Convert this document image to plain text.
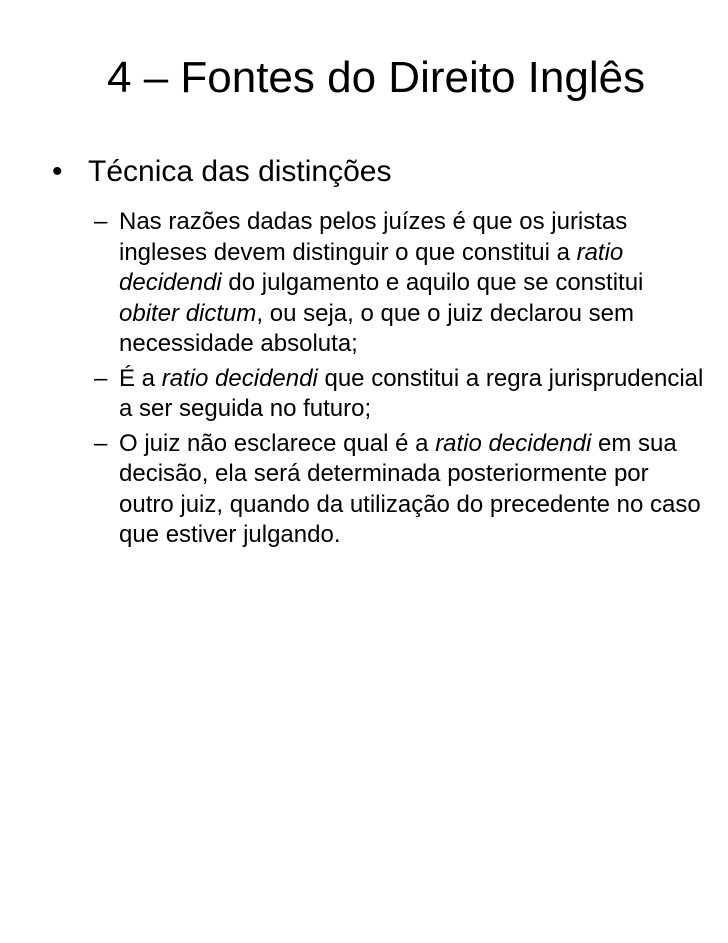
4 – Fontes do Direito Inglês
• Técnica das distinções
– Nas razões dadas pelos juízes é que os juristas
ingleses devem distinguir o que constitui a ratio
decidendi do julgamento e aquilo que se constitui
obiter dictum, ou seja, o que o juiz declarou sem
necessidade absoluta;
– É a ratio decidendi que constitui a regra jurisprudencial
a ser seguida no futuro;
– O juiz não esclarece qual é a ratio decidendi em sua
decisão, ela será determinada posteriormente por
outro juiz, quando da utilização do precedente no caso
que estiver julgando.
